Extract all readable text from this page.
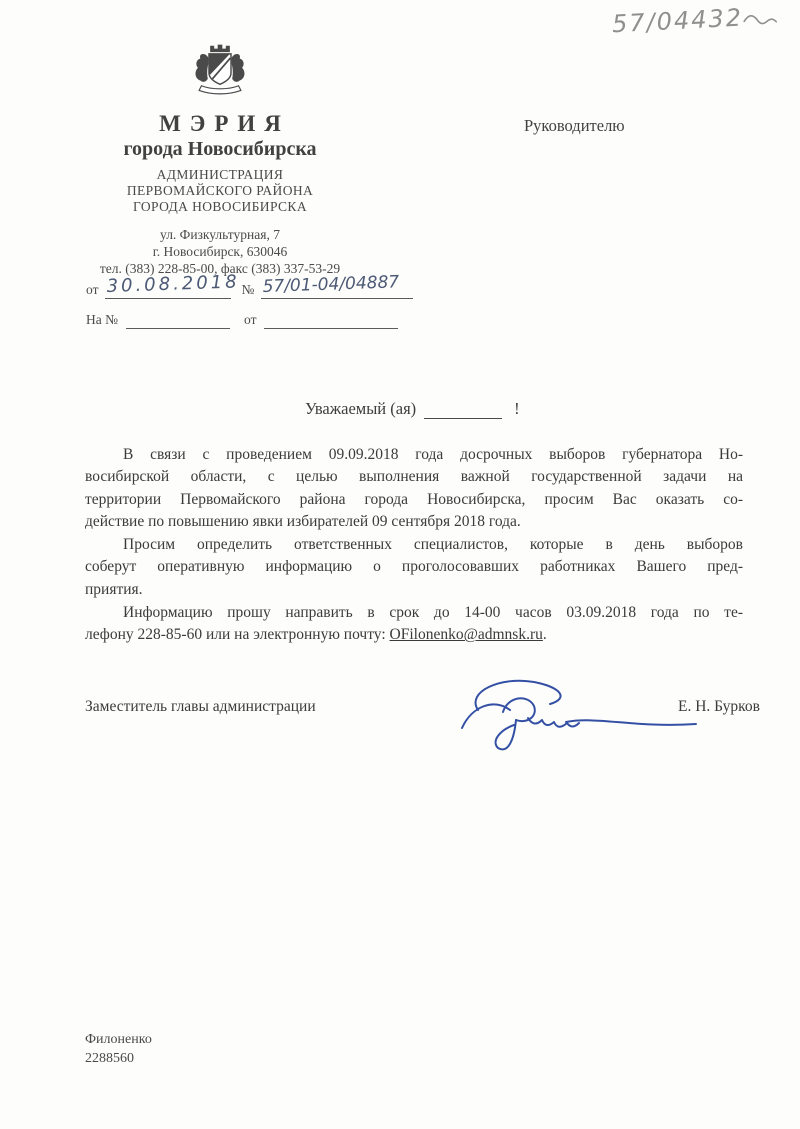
57/04432
МЭРИЯ
города Новосибирска
АДМИНИСТРАЦИЯ
ПЕРВОМАЙСКОГО РАЙОНА
ГОРОДА НОВОСИБИРСКА
ул. Физкультурная, 7
г. Новосибирск, 630046
тел. (383) 228-85-00, факс (383) 337-53-29
от 30.08.2018 № 57/01-04/04887
На №	от
Руководителю
Уважаемый (ая)	!
В связи с проведением 09.09.2018 года досрочных выборов губернатора Но-
восибирской области, с целью выполнения важной государственной задачи на
территории Первомайского района города Новосибирска, просим Вас оказать со-
действие по повышению явки избирателей 09 сентября 2018 года.
Просим определить ответственных специалистов, которые в день выборов
соберут оперативную информацию о проголосовавших работниках Вашего пред-
приятия.
Информацию прошу направить в срок до 14-00 часов 03.09.2018 года по те-
лефону 228-85-60 или на электронную почту: OFilonenko@admnsk.ru.
Заместитель главы администрации	Е. Н. Бурков
Филоненко
2288560
